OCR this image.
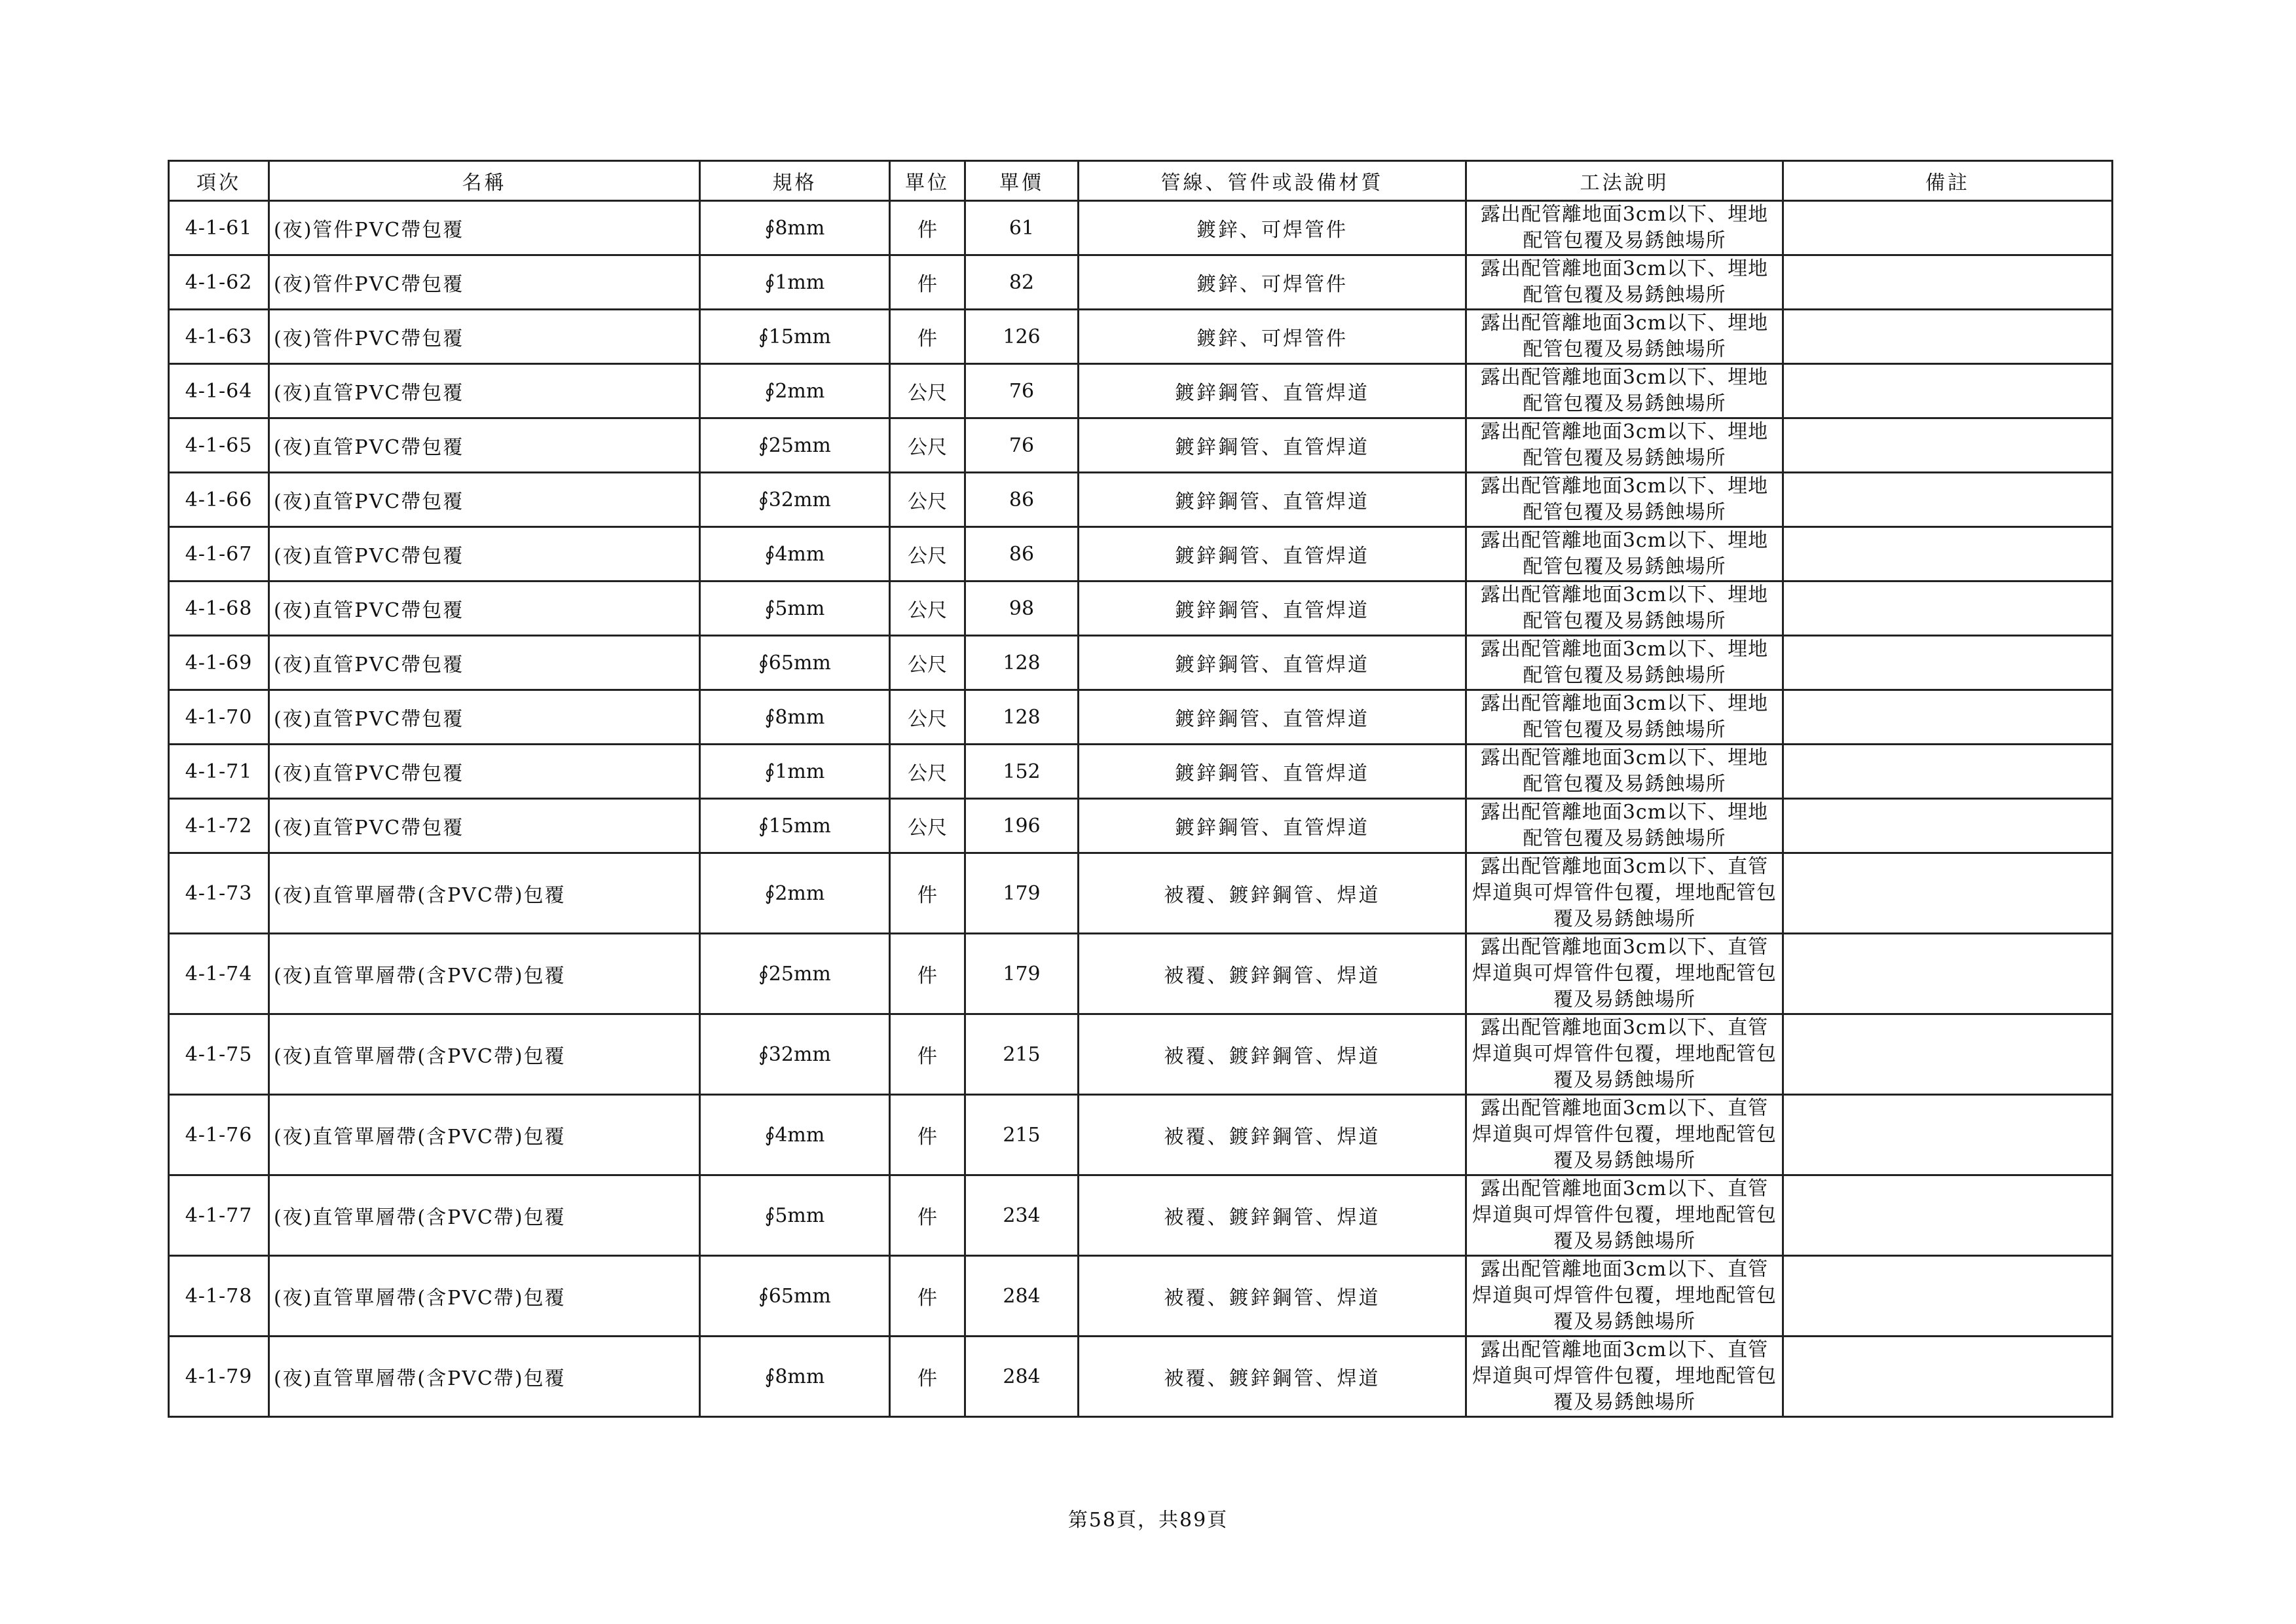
項次	名稱	規格	單位	單價	管線、管件或設備材質	工法說明	備註
4-1-61	(夜)管件PVC帶包覆	∮8mm	件	61	鍍鋅、可焊管件	露出配管離地面3cm以下、埋地配管包覆及易銹蝕場所	
4-1-62	(夜)管件PVC帶包覆	∮1mm	件	82	鍍鋅、可焊管件	露出配管離地面3cm以下、埋地配管包覆及易銹蝕場所	
4-1-63	(夜)管件PVC帶包覆	∮15mm	件	126	鍍鋅、可焊管件	露出配管離地面3cm以下、埋地配管包覆及易銹蝕場所	
4-1-64	(夜)直管PVC帶包覆	∮2mm	公尺	76	鍍鋅鋼管、直管焊道	露出配管離地面3cm以下、埋地配管包覆及易銹蝕場所	
4-1-65	(夜)直管PVC帶包覆	∮25mm	公尺	76	鍍鋅鋼管、直管焊道	露出配管離地面3cm以下、埋地配管包覆及易銹蝕場所	
4-1-66	(夜)直管PVC帶包覆	∮32mm	公尺	86	鍍鋅鋼管、直管焊道	露出配管離地面3cm以下、埋地配管包覆及易銹蝕場所	
4-1-67	(夜)直管PVC帶包覆	∮4mm	公尺	86	鍍鋅鋼管、直管焊道	露出配管離地面3cm以下、埋地配管包覆及易銹蝕場所	
4-1-68	(夜)直管PVC帶包覆	∮5mm	公尺	98	鍍鋅鋼管、直管焊道	露出配管離地面3cm以下、埋地配管包覆及易銹蝕場所	
4-1-69	(夜)直管PVC帶包覆	∮65mm	公尺	128	鍍鋅鋼管、直管焊道	露出配管離地面3cm以下、埋地配管包覆及易銹蝕場所	
4-1-70	(夜)直管PVC帶包覆	∮8mm	公尺	128	鍍鋅鋼管、直管焊道	露出配管離地面3cm以下、埋地配管包覆及易銹蝕場所	
4-1-71	(夜)直管PVC帶包覆	∮1mm	公尺	152	鍍鋅鋼管、直管焊道	露出配管離地面3cm以下、埋地配管包覆及易銹蝕場所	
4-1-72	(夜)直管PVC帶包覆	∮15mm	公尺	196	鍍鋅鋼管、直管焊道	露出配管離地面3cm以下、埋地配管包覆及易銹蝕場所	
4-1-73	(夜)直管單層帶(含PVC帶)包覆	∮2mm	件	179	被覆、鍍鋅鋼管、焊道	露出配管離地面3cm以下、直管焊道與可焊管件包覆，埋地配管包覆及易銹蝕場所	
4-1-74	(夜)直管單層帶(含PVC帶)包覆	∮25mm	件	179	被覆、鍍鋅鋼管、焊道	露出配管離地面3cm以下、直管焊道與可焊管件包覆，埋地配管包覆及易銹蝕場所	
4-1-75	(夜)直管單層帶(含PVC帶)包覆	∮32mm	件	215	被覆、鍍鋅鋼管、焊道	露出配管離地面3cm以下、直管焊道與可焊管件包覆，埋地配管包覆及易銹蝕場所	
4-1-76	(夜)直管單層帶(含PVC帶)包覆	∮4mm	件	215	被覆、鍍鋅鋼管、焊道	露出配管離地面3cm以下、直管焊道與可焊管件包覆，埋地配管包覆及易銹蝕場所	
4-1-77	(夜)直管單層帶(含PVC帶)包覆	∮5mm	件	234	被覆、鍍鋅鋼管、焊道	露出配管離地面3cm以下、直管焊道與可焊管件包覆，埋地配管包覆及易銹蝕場所	
4-1-78	(夜)直管單層帶(含PVC帶)包覆	∮65mm	件	284	被覆、鍍鋅鋼管、焊道	露出配管離地面3cm以下、直管焊道與可焊管件包覆，埋地配管包覆及易銹蝕場所	
4-1-79	(夜)直管單層帶(含PVC帶)包覆	∮8mm	件	284	被覆、鍍鋅鋼管、焊道	露出配管離地面3cm以下、直管焊道與可焊管件包覆，埋地配管包覆及易銹蝕場所	
第58頁，共89頁
